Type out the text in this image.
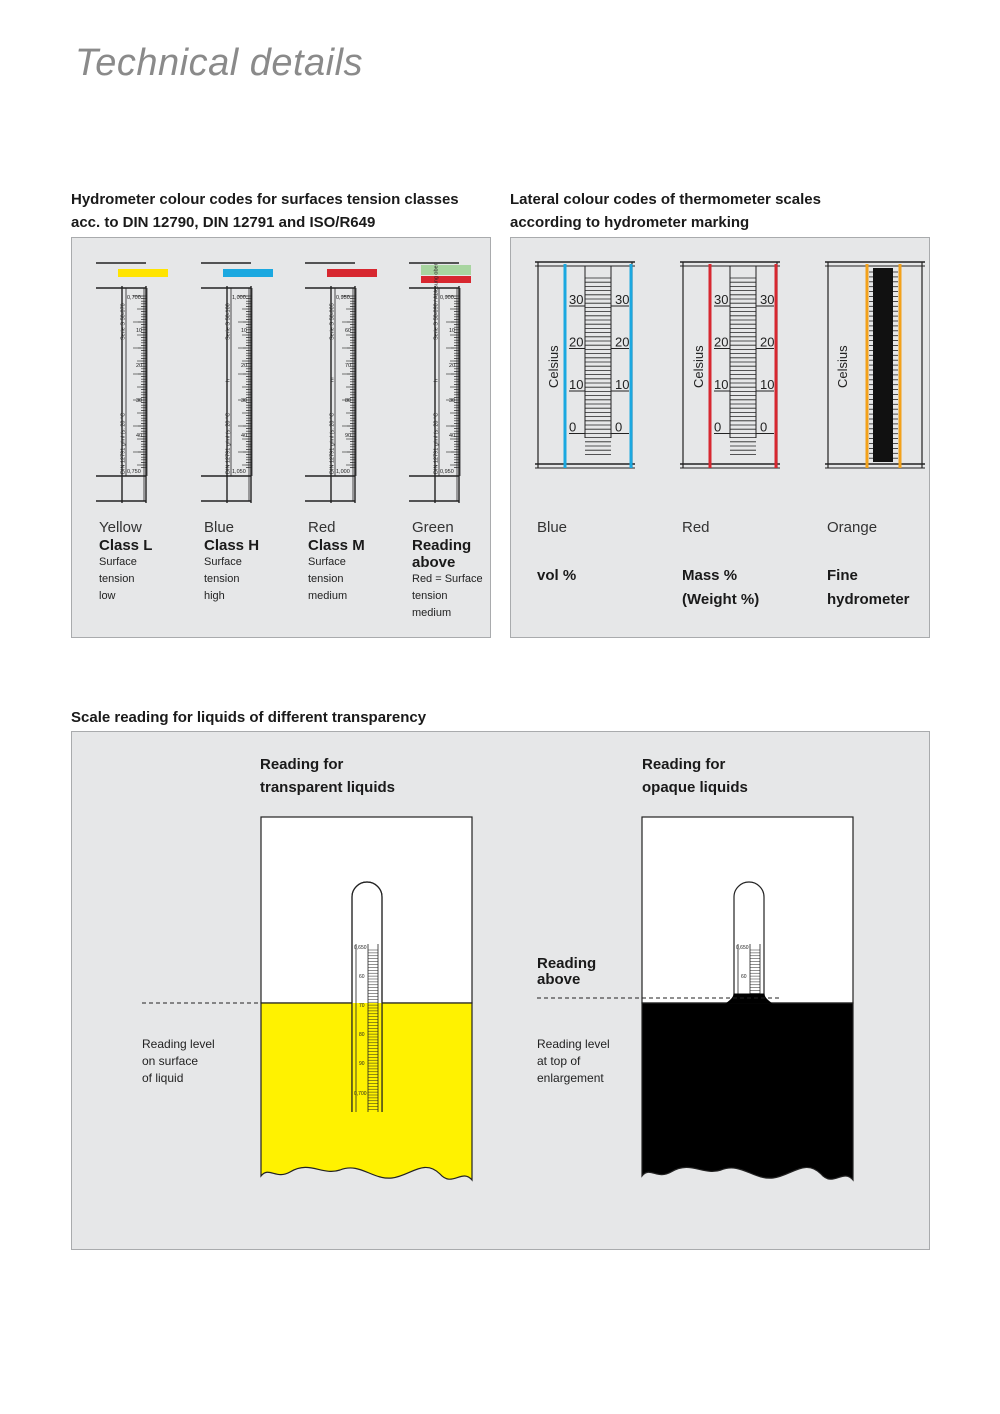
Technical details
Hydrometer colour codes for surfaces tension classes
acc. to DIN 12790, DIN 12791 and ISO/R649
0,700
0,750
10
20
30
40
Serie S 50-070
DIN 12791 g/ml (s. 20 °C
1,000
1,050
10
20
30
40
Serie S 50-100
DIN 12791 g/ml (s. 20 °C
h
0,950
1,000
60
70
80
90
Serie S 50-005
DIN 12791 g/ml (s. 20 °C
m
0,900
0,950
10
20
30
40
Serie S 50-090 / Ablesung oben
DIN 12791 g/ml (s. 20 °C
h
Yellow
Class L
Surface
tension
low
Blue
Class H
Surface
tension
high
Red
Class M
Surface
tension
medium
Green
Reading
above
Red = Surface
tension
medium
Lateral colour codes of thermometer scales
according to hydrometer marking
30 30
20 20
10 10
0	0
Celsius
30 30
20 20
10 10
0	0
Celsius	Celsius
Blue
vol %
Red
Mass %
(Weight %)
Orange
Fine
hydrometer
Scale reading for liquids of different transparency
Reading for
transparent liquids
Reading for
opaque liquids
Reading level
on surface
of liquid
Reading
above
Reading level
at top of
enlargement
0,650
60
70
80
90
0,700
0,650
60
